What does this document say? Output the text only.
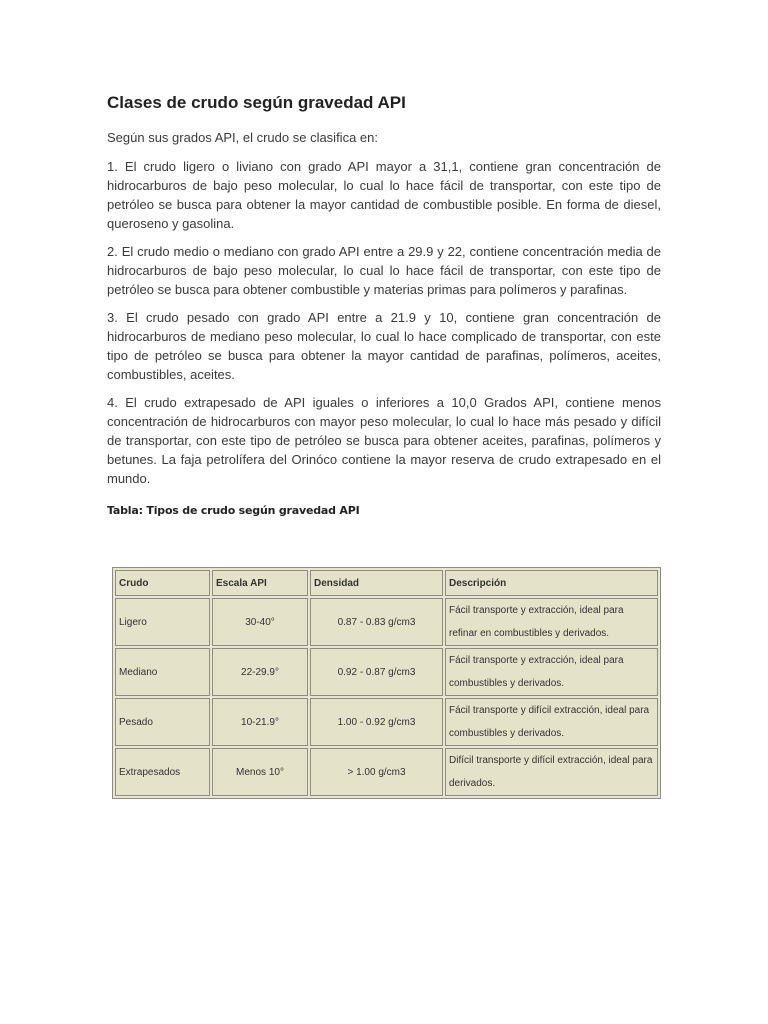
Clases de crudo según gravedad API

Según sus grados API, el crudo se clasifica en:

1. El crudo ligero o liviano con grado API mayor a 31,1, contiene gran concentración de hidrocarburos de bajo peso molecular, lo cual lo hace fácil de transportar, con este tipo de petróleo se busca para obtener la mayor cantidad de combustible posible. En forma de diesel, queroseno y gasolina.

2. El crudo medio o mediano con grado API entre a 29.9 y 22, contiene concentración media de hidrocarburos de bajo peso molecular, lo cual lo hace fácil de transportar, con este tipo de petróleo se busca para obtener combustible y materias primas para polímeros y parafinas.

3. El crudo pesado con grado API entre a 21.9 y 10, contiene gran concentración de hidrocarburos de mediano peso molecular, lo cual lo hace complicado de transportar, con este tipo de petróleo se busca para obtener la mayor cantidad de parafinas, polímeros, aceites, combustibles, aceites.

4. El crudo extrapesado de API iguales o inferiores a 10,0 Grados API, contiene menos concentración de hidrocarburos con mayor peso molecular, lo cual lo hace más pesado y difícil de transportar, con este tipo de petróleo se busca para obtener aceites, parafinas, polímeros y betunes. La faja petrolífera del Orinóco contiene la mayor reserva de crudo extrapesado en el mundo.

Tabla: Tipos de crudo según gravedad API

Crudo	Escala API	Densidad	Descripción
Ligero	30-40°	0.87 - 0.83 g/cm3	Fácil transporte y extracción, ideal para refinar en combustibles y derivados.
Mediano	22-29.9°	0.92 - 0.87 g/cm3	Fácil transporte y extracción, ideal para combustibles y derivados.
Pesado	10-21.9°	1.00 - 0.92 g/cm3	Fácil transporte y difícil extracción, ideal para combustibles y derivados.
Extrapesados	Menos 10°	> 1.00 g/cm3	Difícil transporte y difícil extracción, ideal para derivados.
